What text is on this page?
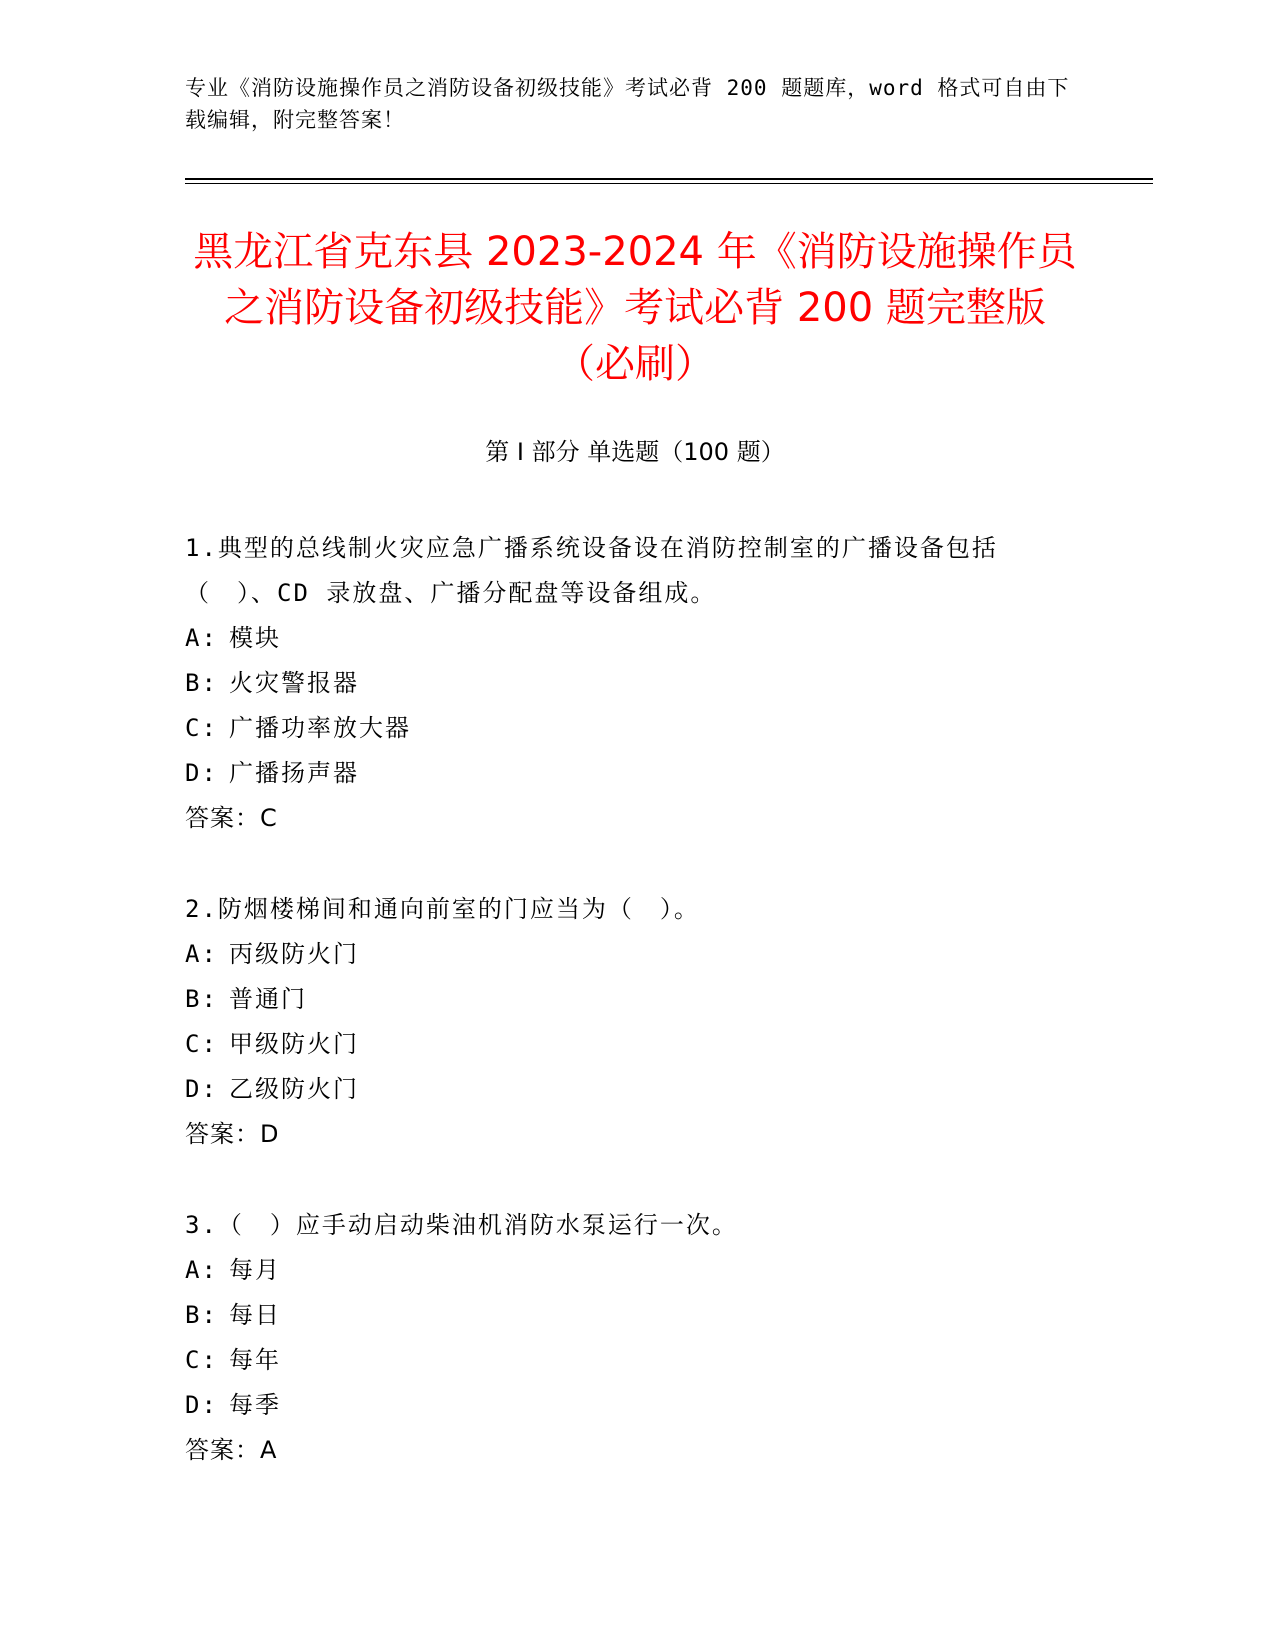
专业《消防设施操作员之消防设备初级技能》考试必背 200 题题库，word 格式可自由下载编辑，附完整答案！
黑龙江省克东县 2023-2024 年《消防设施操作员之消防设备初级技能》考试必背 200 题完整版（必刷）
第 I 部分 单选题（100 题）
1.典型的总线制火灾应急广播系统设备设在消防控制室的广播设备包括（　）、CD 录放盘、广播分配盘等设备组成。
A: 模块
B: 火灾警报器
C: 广播功率放大器
D: 广播扬声器
答案：C
2.防烟楼梯间和通向前室的门应当为（　）。
A: 丙级防火门
B: 普通门
C: 甲级防火门
D: 乙级防火门
答案：D
3.（　）应手动启动柴油机消防水泵运行一次。
A: 每月
B: 每日
C: 每年
D: 每季
答案：A
